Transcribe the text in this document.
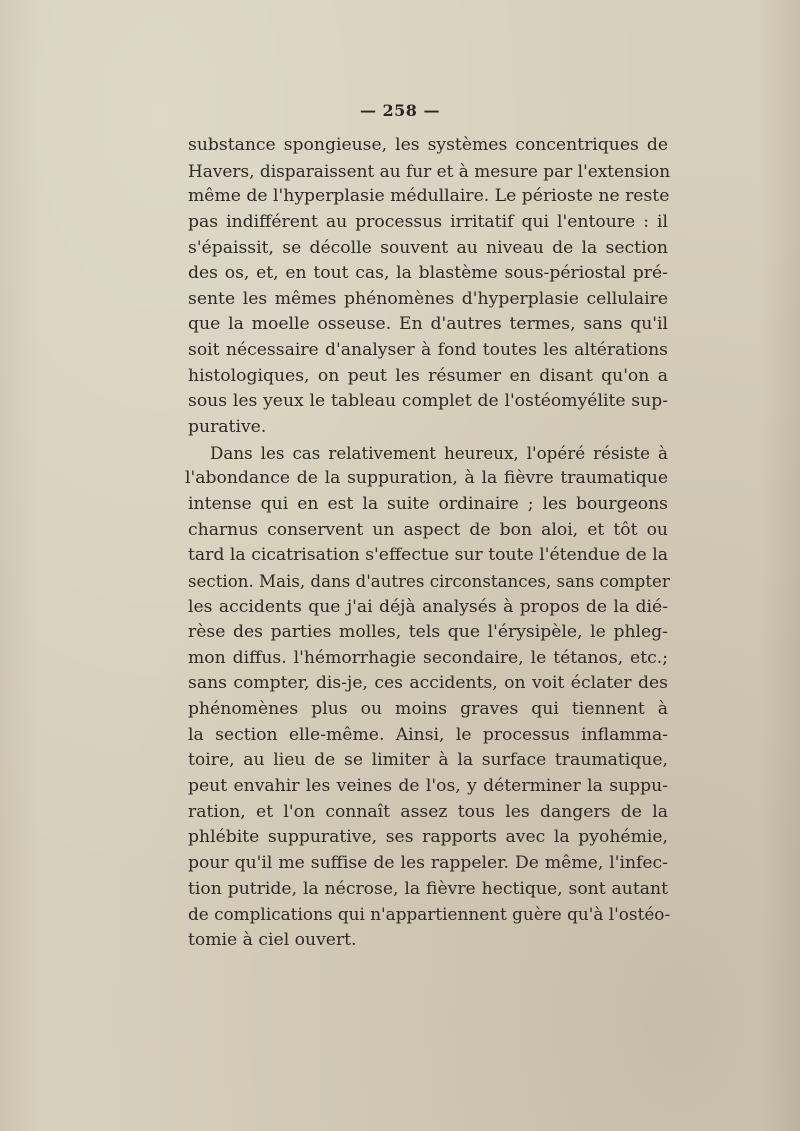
— 258 —
substance spongieuse, les systèmes concentriques de
Havers, disparaissent au fur et à mesure par l'extension
même de l'hyperplasie médullaire. Le périoste ne reste
pas indifférent au processus irritatif qui l'entoure : il
s'épaissit, se décolle souvent au niveau de la section
des os, et, en tout cas, la blastème sous-périostal pré-
sente les mêmes phénomènes d'hyperplasie cellulaire
que la moelle osseuse. En d'autres termes, sans qu'il
soit nécessaire d'analyser à fond toutes les altérations
histologiques, on peut les résumer en disant qu'on a
sous les yeux le tableau complet de l'ostéomyélite sup-
purative.
Dans les cas relativement heureux, l'opéré résiste à
l'abondance de la suppuration, à la fièvre traumatique
intense qui en est la suite ordinaire ; les bourgeons
charnus conservent un aspect de bon aloi, et tôt ou
tard la cicatrisation s'effectue sur toute l'étendue de la
section. Mais, dans d'autres circonstances, sans compter
les accidents que j'ai déjà analysés à propos de la dié-
rèse des parties molles, tels que l'érysipèle, le phleg-
mon diffus. l'hémorrhagie secondaire, le tétanos, etc.;
sans compter, dis-je, ces accidents, on voit éclater des
phénomènes plus ou moins graves qui tiennent à
la section elle-même. Ainsi, le processus inflamma-
toire, au lieu de se limiter à la surface traumatique,
peut envahir les veines de l'os, y déterminer la suppu-
ration, et l'on connaît assez tous les dangers de la
phlébite suppurative, ses rapports avec la pyohémie,
pour qu'il me suffise de les rappeler. De même, l'infec-
tion putride, la nécrose, la fièvre hectique, sont autant
de complications qui n'appartiennent guère qu'à l'ostéo-
tomie à ciel ouvert.
